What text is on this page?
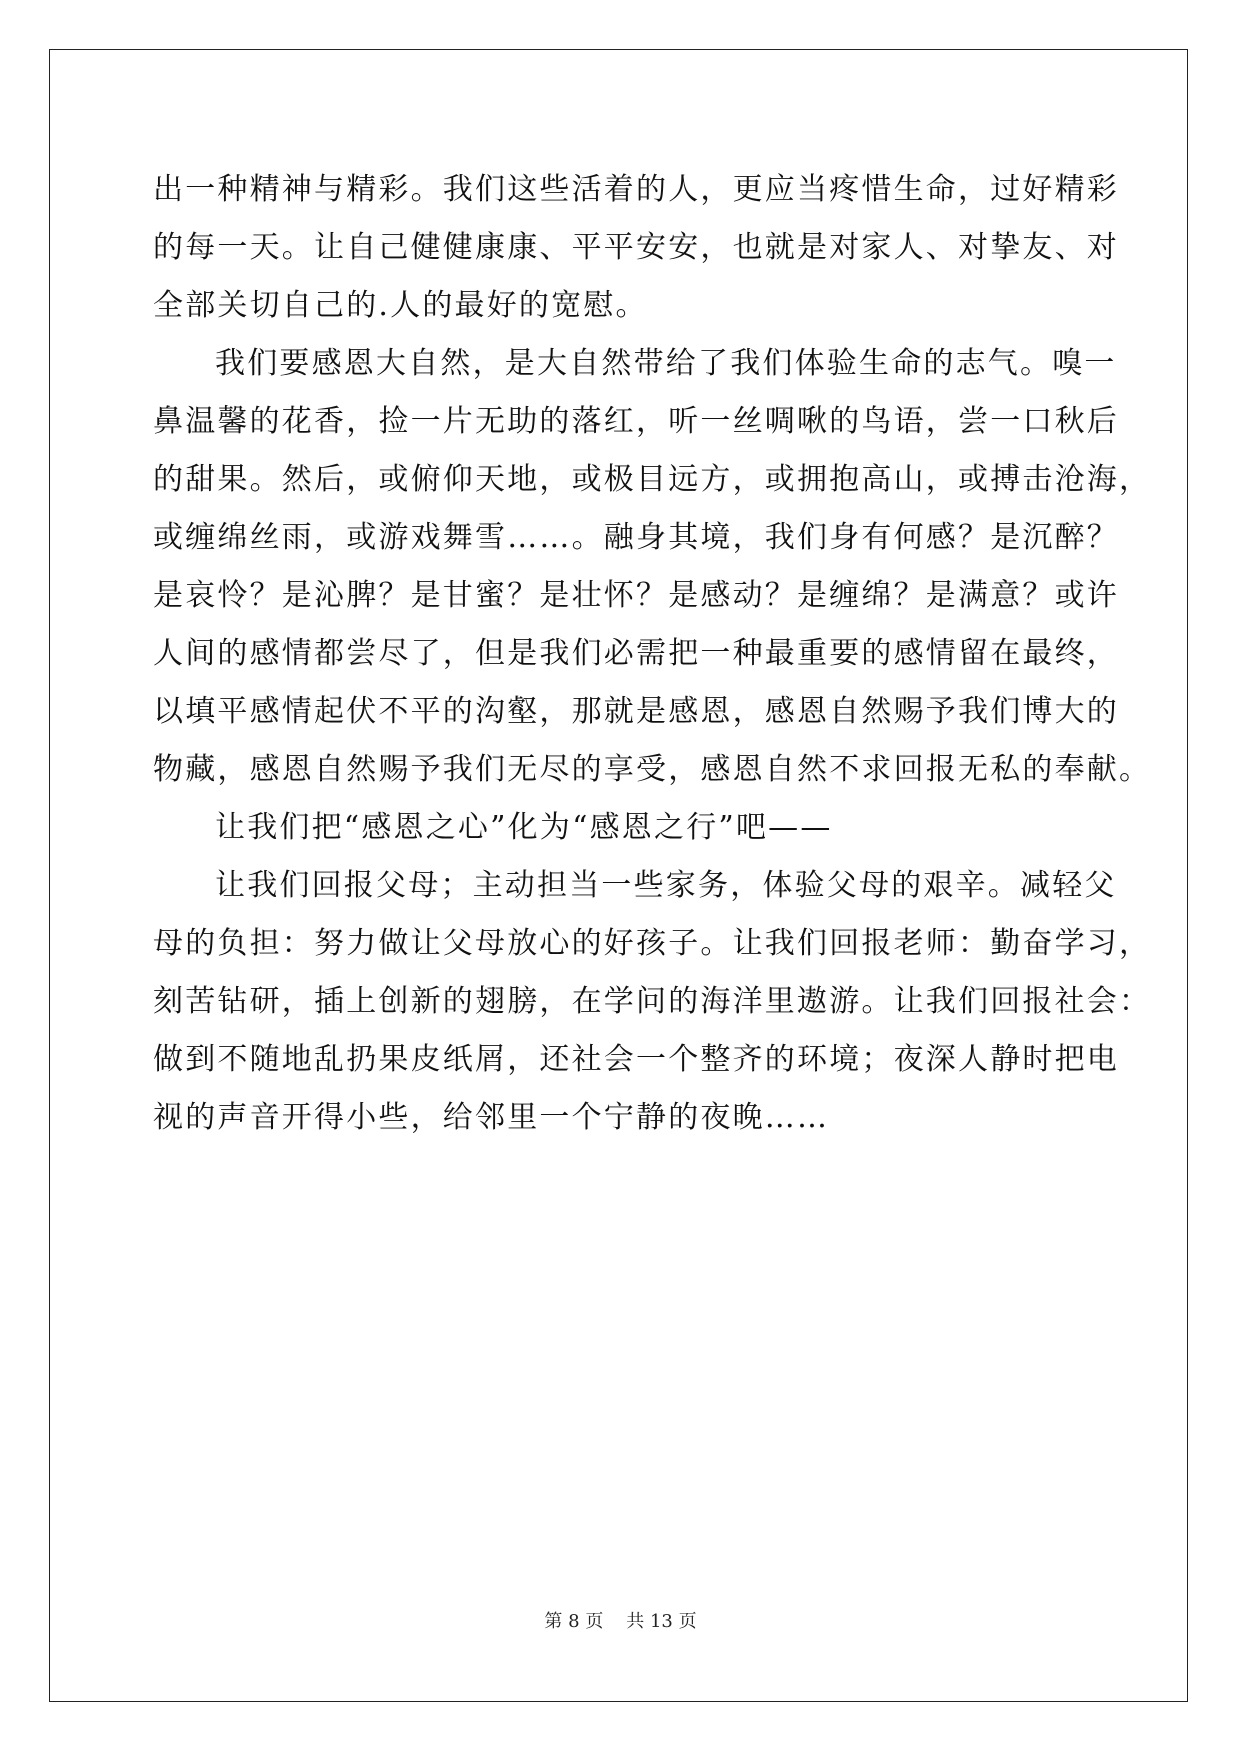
出一种精神与精彩。我们这些活着的人，更应当疼惜生命，过好精彩
的每一天。让自己健健康康、平平安安，也就是对家人、对挚友、对
全部关切自己的.人的最好的宽慰。
我们要感恩大自然，是大自然带给了我们体验生命的志气。嗅一
鼻温馨的花香，捡一片无助的落红，听一丝啁啾的鸟语，尝一口秋后
的甜果。然后，或俯仰天地，或极目远方，或拥抱高山，或搏击沧海，
或缠绵丝雨，或游戏舞雪……。融身其境，我们身有何感？是沉醉？
是哀怜？是沁脾？是甘蜜？是壮怀？是感动？是缠绵？是满意？或许
人间的感情都尝尽了，但是我们必需把一种最重要的感情留在最终，
以填平感情起伏不平的沟壑，那就是感恩，感恩自然赐予我们博大的
物藏，感恩自然赐予我们无尽的享受，感恩自然不求回报无私的奉献。
让我们把“感恩之心”化为“感恩之行”吧——
让我们回报父母；主动担当一些家务，体验父母的艰辛。减轻父
母的负担：努力做让父母放心的好孩子。让我们回报老师：勤奋学习，
刻苦钻研，插上创新的翅膀，在学问的海洋里遨游。让我们回报社会：
做到不随地乱扔果皮纸屑，还社会一个整齐的环境；夜深人静时把电
视的声音开得小些，给邻里一个宁静的夜晚……
第 8 页 共 13 页
